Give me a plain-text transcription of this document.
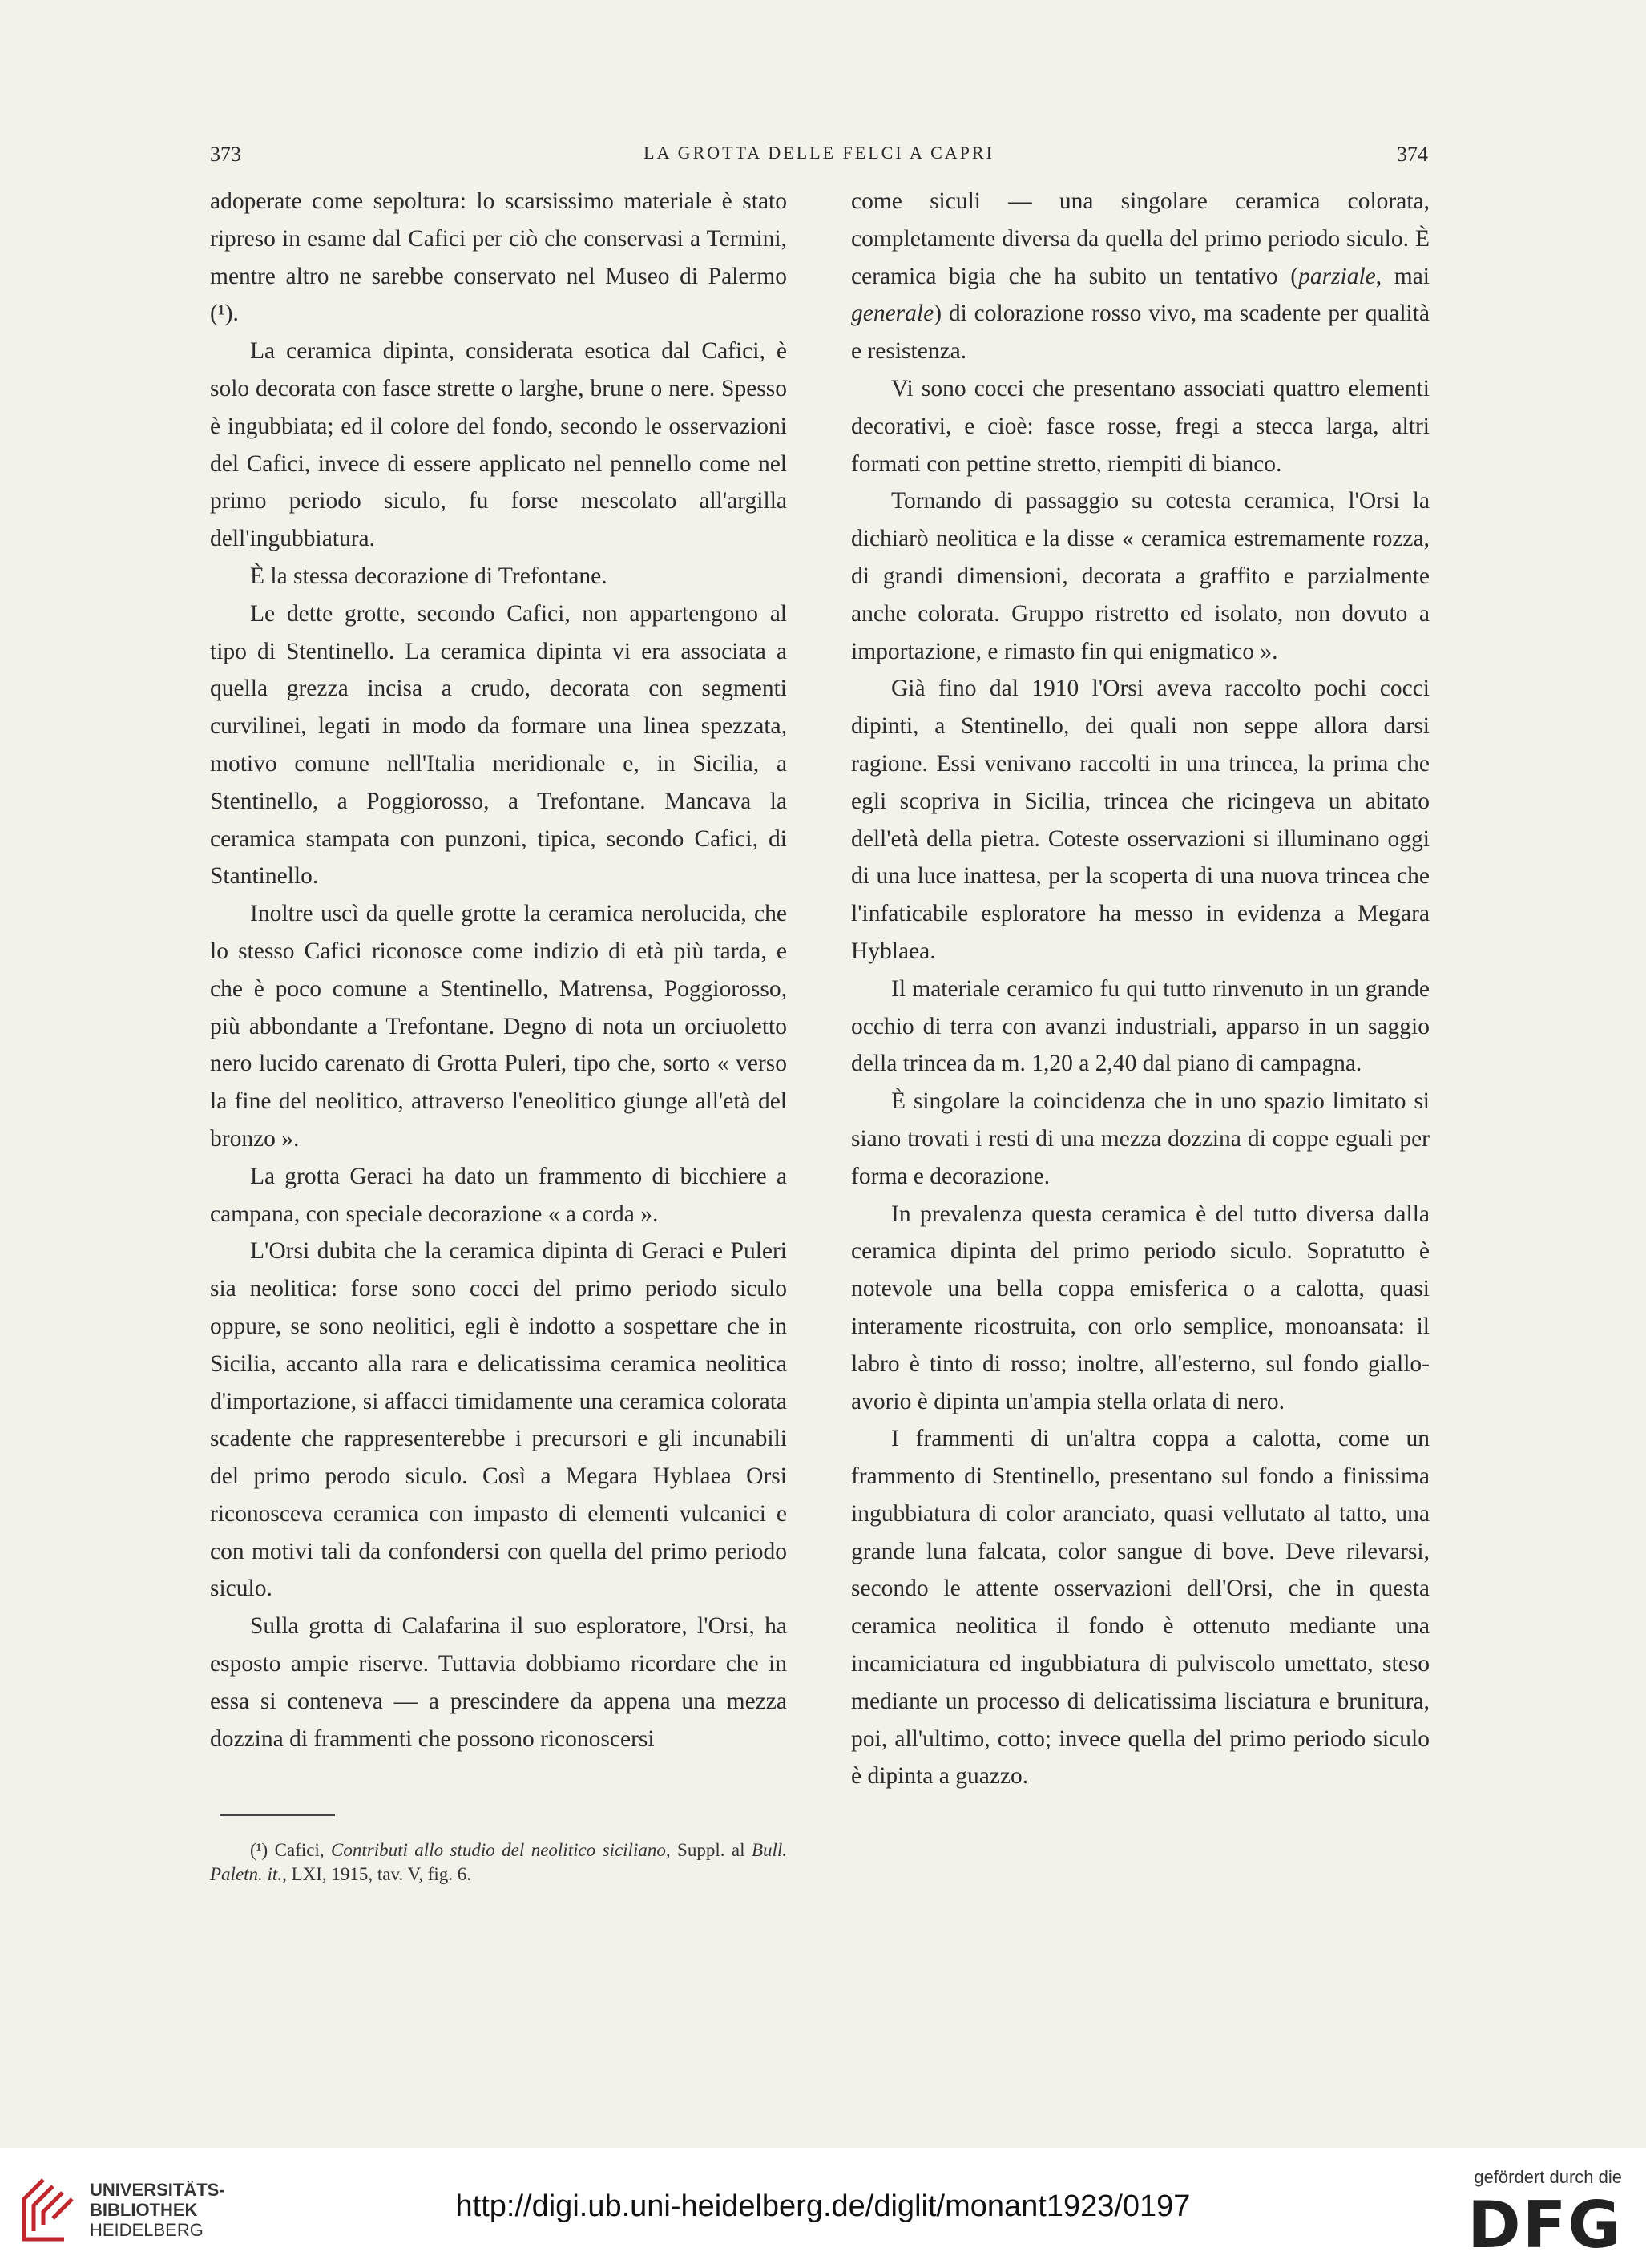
373	LA GROTTA DELLE FELCI A CAPRI	374

adoperate come sepoltura: lo scarsissimo materiale è stato ripreso in esame dal Cafici per ciò che conservasi a Termini, mentre altro ne sarebbe conservato nel Museo di Palermo (¹).

La ceramica dipinta, considerata esotica dal Cafici, è solo decorata con fasce strette o larghe, brune o nere. Spesso è ingubbiata; ed il colore del fondo, secondo le osservazioni del Cafici, invece di essere applicato nel pennello come nel primo periodo siculo, fu forse mescolato all'argilla dell'ingubbiatura.

È la stessa decorazione di Trefontane.

Le dette grotte, secondo Cafici, non appartengono al tipo di Stentinello. La ceramica dipinta vi era associata a quella grezza incisa a crudo, decorata con segmenti curvilinei, legati in modo da formare una linea spezzata, motivo comune nell'Italia meridionale e, in Sicilia, a Stentinello, a Poggiorosso, a Trefontane. Mancava la ceramica stampata con punzoni, tipica, secondo Cafici, di Stantinello.

Inoltre uscì da quelle grotte la ceramica nerolucida, che lo stesso Cafici riconosce come indizio di età più tarda, e che è poco comune a Stentinello, Matrensa, Poggiorosso, più abbondante a Trefontane. Degno di nota un orciuoletto nero lucido carenato di Grotta Puleri, tipo che, sorto « verso la fine del neolitico, attraverso l'eneolitico giunge all'età del bronzo ».

La grotta Geraci ha dato un frammento di bicchiere a campana, con speciale decorazione « a corda ».

L'Orsi dubita che la ceramica dipinta di Geraci e Puleri sia neolitica: forse sono cocci del primo periodo siculo oppure, se sono neolitici, egli è indotto a sospettare che in Sicilia, accanto alla rara e delicatissima ceramica neolitica d'importazione, si affacci timidamente una ceramica colorata scadente che rappresenterebbe i precursori e gli incunabili del primo perodo siculo. Così a Megara Hyblaea Orsi riconosceva ceramica con impasto di elementi vulcanici e con motivi tali da confondersi con quella del primo periodo siculo.

Sulla grotta di Calafarina il suo esploratore, l'Orsi, ha esposto ampie riserve. Tuttavia dobbiamo ricordare che in essa si conteneva — a prescindere da appena una mezza dozzina di frammenti che possono riconoscersi

(¹) Cafici, Contributi allo studio del neolitico siciliano, Suppl. al Bull. Paletn. it., LXI, 1915, tav. V, fig. 6.

come siculi — una singolare ceramica colorata, completamente diversa da quella del primo periodo siculo. È ceramica bigia che ha subito un tentativo (parziale, mai generale) di colorazione rosso vivo, ma scadente per qualità e resistenza.

Vi sono cocci che presentano associati quattro elementi decorativi, e cioè: fasce rosse, fregi a stecca larga, altri formati con pettine stretto, riempiti di bianco.

Tornando di passaggio su cotesta ceramica, l'Orsi la dichiarò neolitica e la disse « ceramica estremamente rozza, di grandi dimensioni, decorata a graffito e parzialmente anche colorata. Gruppo ristretto ed isolato, non dovuto a importazione, e rimasto fin qui enigmatico ».

Già fino dal 1910 l'Orsi aveva raccolto pochi cocci dipinti, a Stentinello, dei quali non seppe allora darsi ragione. Essi venivano raccolti in una trincea, la prima che egli scopriva in Sicilia, trincea che ricingeva un abitato dell'età della pietra. Coteste osservazioni si illuminano oggi di una luce inattesa, per la scoperta di una nuova trincea che l'infaticabile esploratore ha messo in evidenza a Megara Hyblaea.

Il materiale ceramico fu qui tutto rinvenuto in un grande occhio di terra con avanzi industriali, apparso in un saggio della trincea da m. 1,20 a 2,40 dal piano di campagna.

È singolare la coincidenza che in uno spazio limitato si siano trovati i resti di una mezza dozzina di coppe eguali per forma e decorazione.

In prevalenza questa ceramica è del tutto diversa dalla ceramica dipinta del primo periodo siculo. Sopratutto è notevole una bella coppa emisferica o a calotta, quasi interamente ricostruita, con orlo semplice, monoansata: il labro è tinto di rosso; inoltre, all'esterno, sul fondo giallo-avorio è dipinta un'ampia stella orlata di nero.

I frammenti di un'altra coppa a calotta, come un frammento di Stentinello, presentano sul fondo a finissima ingubbiatura di color aranciato, quasi vellutato al tatto, una grande luna falcata, color sangue di bove. Deve rilevarsi, secondo le attente osservazioni dell'Orsi, che in questa ceramica neolitica il fondo è ottenuto mediante una incamiciatura ed ingubbiatura di pulviscolo umettato, steso mediante un processo di delicatissima lisciatura e brunitura, poi, all'ultimo, cotto; invece quella del primo periodo siculo è dipinta a guazzo.

UNIVERSITÄTS-
BIBLIOTHEK
HEIDELBERG
http://digi.ub.uni-heidelberg.de/diglit/monant1923/0197
gefördert durch die
DFG
